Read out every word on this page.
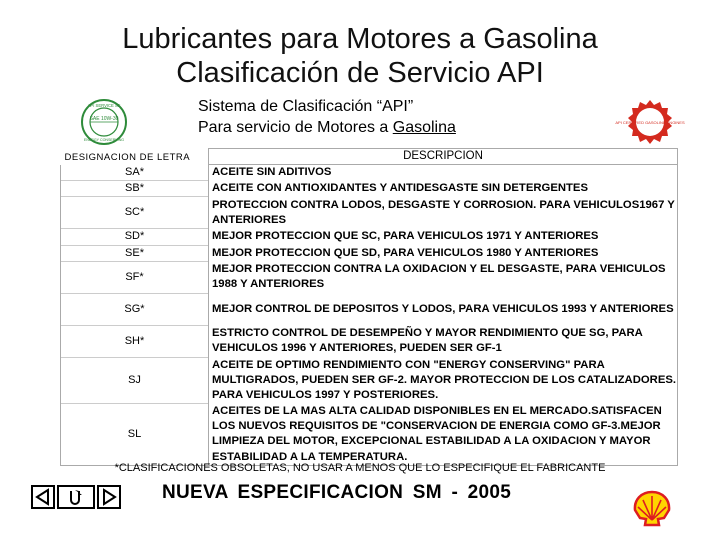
Lubricantes para Motores a Gasolina
Clasificación de Servicio API
API SERVICE SF
SAE 10W-30
ENERGY CONSERVING
Sistema de Clasificación “API”
Para servicio de Motores a Gasolina	API CERTIFIED GASOLINE ENGINES
DESIGNACION DE LETRA	DESCRIPCION
SA*	ACEITE SIN ADITIVOS
SB*	ACEITE CON ANTIOXIDANTES Y ANTIDESGASTE SIN DETERGENTES
SC*	PROTECCION CONTRA LODOS, DESGASTE Y CORROSION. PARA VEHICULOS1967 Y ANTERIORES
SD*	MEJOR PROTECCION QUE SC, PARA VEHICULOS 1971 Y ANTERIORES
SE*	MEJOR PROTECCION QUE SD, PARA VEHICULOS 1980 Y ANTERIORES
SF*	MEJOR PROTECCION CONTRA LA OXIDACION Y EL DESGASTE, PARA VEHICULOS 1988 Y ANTERIORES
SG*	MEJOR CONTROL DE DEPOSITOS Y LODOS, PARA VEHICULOS 1993 Y ANTERIORES
SH*	ESTRICTO CONTROL DE DESEMPEÑO Y MAYOR RENDIMIENTO QUE SG, PARA VEHICULOS 1996 Y ANTERIORES, PUEDEN SER GF-1
SJ	ACEITE DE OPTIMO RENDIMIENTO CON "ENERGY CONSERVING" PARA MULTIGRADOS, PUEDEN SER GF-2. MAYOR PROTECCION DE LOS CATALIZADORES. PARA VEHICULOS 1997 Y POSTERIORES.
SL	ACEITES DE LA MAS ALTA CALIDAD DISPONIBLES EN EL MERCADO.SATISFACEN LOS NUEVOS REQUISITOS DE "CONSERVACION DE ENERGIA COMO GF-3.MEJOR LIMPIEZA DEL MOTOR, EXCEPCIONAL ESTABILIDAD A LA OXIDACION Y MAYOR ESTABILIDAD A LA TEMPERATURA.
*CLASIFICACIONES OBSOLETAS, NO USAR A MENOS QUE LO ESPECIFIQUE EL FABRICANTE
NUEVA ESPECIFICACION SM - 2005
